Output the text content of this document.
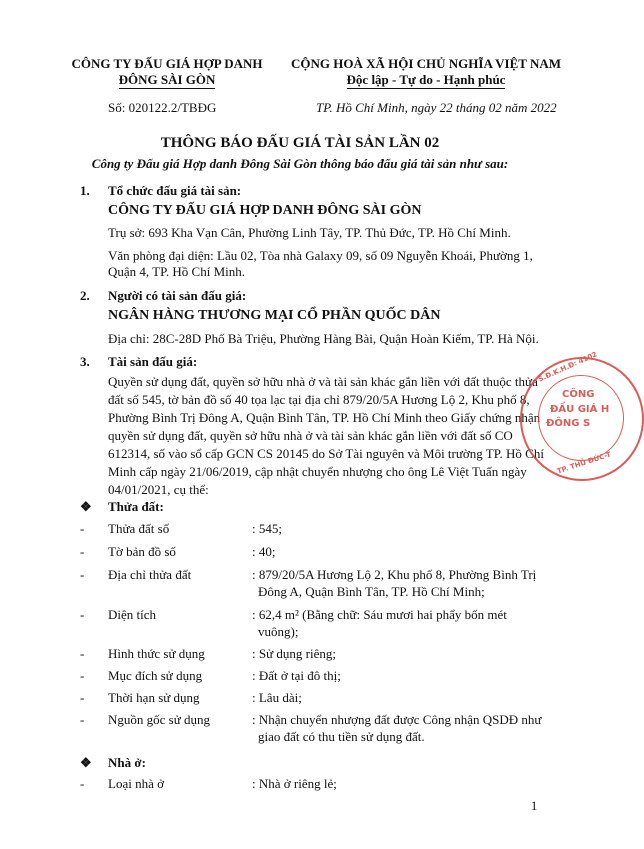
CÔNG TY ĐẤU GIÁ HỢP DANH
ĐÔNG SÀI GÒN
CỘNG HOÀ XÃ HỘI CHỦ NGHĨA VIỆT NAM
Độc lập - Tự do - Hạnh phúc
Số: 020122.2/TBĐG	TP. Hồ Chí Minh, ngày 22 tháng 02 năm 2022
THÔNG BÁO ĐẤU GIÁ TÀI SẢN LẦN 02
Công ty Đấu giá Hợp danh Đông Sài Gòn thông báo đấu giá tài sản như sau:
1. Tổ chức đấu giá tài sản:
CÔNG TY ĐẤU GIÁ HỢP DANH ĐÔNG SÀI GÒN
Trụ sở: 693 Kha Vạn Cân, Phường Linh Tây, TP. Thủ Đức, TP. Hồ Chí Minh.
Văn phòng đại diện: Lầu 02, Tòa nhà Galaxy 09, số 09 Nguyễn Khoái, Phường 1,
Quận 4, TP. Hồ Chí Minh.
2. Người có tài sản đấu giá:
NGÂN HÀNG THƯƠNG MẠI CỔ PHẦN QUỐC DÂN
Địa chỉ: 28C-28D Phố Bà Triệu, Phường Hàng Bài, Quận Hoàn Kiếm, TP. Hà Nội.
3. Tài sản đấu giá:
Quyền sử dụng đất, quyền sở hữu nhà ở và tài sản khác gắn liền với đất thuộc thửa
đất số 545, tờ bản đồ số 40 tọa lạc tại địa chỉ 879/20/5A Hương Lộ 2, Khu phố 8,
Phường Bình Trị Đông A, Quận Bình Tân, TP. Hồ Chí Minh theo Giấy chứng nhận
quyền sử dụng đất, quyền sở hữu nhà ở và tài sản khác gắn liền với đất số CO
612314, số vào sổ cấp GCN CS 20145 do Sở Tài nguyên và Môi trường TP. Hồ Chí
Minh cấp ngày 21/06/2019, cập nhật chuyển nhượng cho ông Lê Việt Tuấn ngày
04/01/2021, cụ thể:
S.Đ.K.H.Đ: 4102
CÔNG
ĐẤU GIÁ H
ĐÔNG S
TP. THỦ ĐỨC-T
❖ Thửa đất:
- Thửa đất số	: 545;
- Tờ bản đồ số	: 40;
- Địa chỉ thửa đất	: 879/20/5A Hương Lộ 2, Khu phố 8, Phường Bình Trị
Đông A, Quận Bình Tân, TP. Hồ Chí Minh;
- Diện tích	: 62,4 m² (Bằng chữ: Sáu mươi hai phẩy bốn mét
vuông);
- Hình thức sử dụng	: Sử dụng riêng;
- Mục đích sử dụng	: Đất ở tại đô thị;
- Thời hạn sử dụng	: Lâu dài;
- Nguồn gốc sử dụng	: Nhận chuyển nhượng đất được Công nhận QSDĐ như
giao đất có thu tiền sử dụng đất.
❖ Nhà ở:
- Loại nhà ở	: Nhà ở riêng lẻ;
1
